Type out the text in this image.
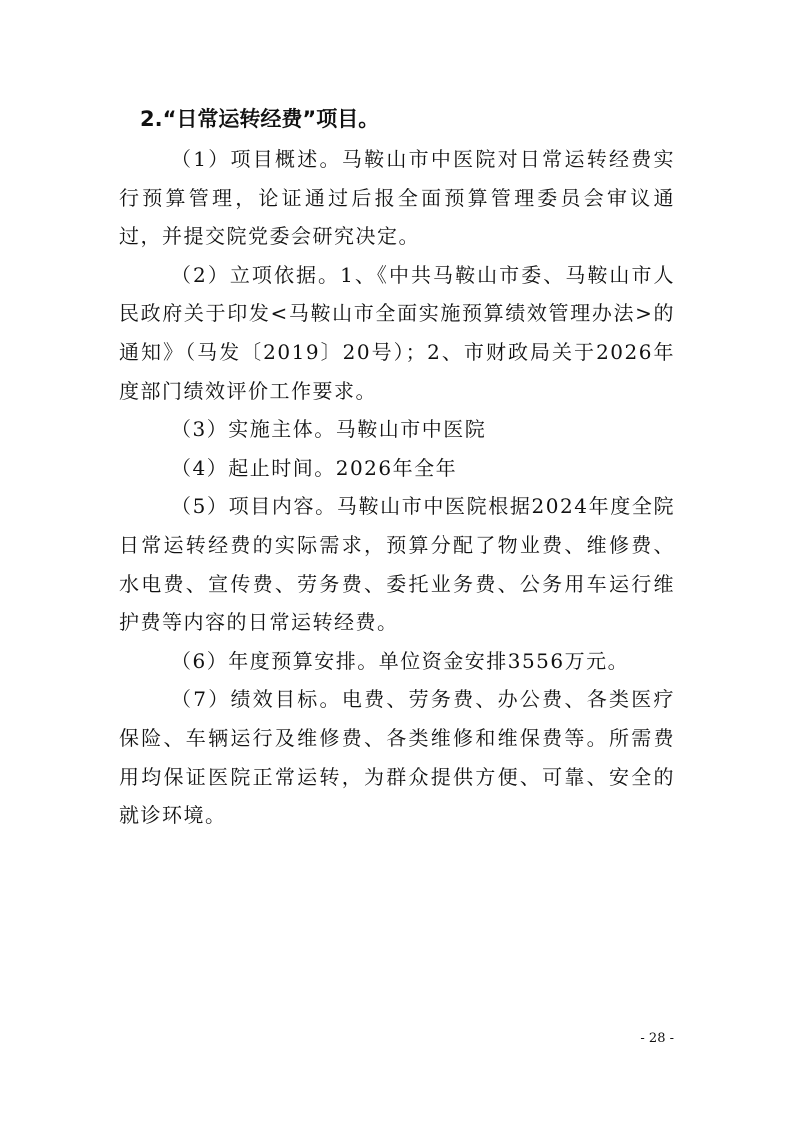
2.“日常运转经费”项目。

（1）项目概述。马鞍山市中医院对日常运转经费实行预算管理，论证通过后报全面预算管理委员会审议通过，并提交院党委会研究决定。

（2）立项依据。1、《中共马鞍山市委、马鞍山市人民政府关于印发<马鞍山市全面实施预算绩效管理办法>的通知》（马发〔2019〕20号）；2、市财政局关于2026年度部门绩效评价工作要求。

（3）实施主体。马鞍山市中医院

（4）起止时间。2026年全年

（5）项目内容。马鞍山市中医院根据2024年度全院日常运转经费的实际需求，预算分配了物业费、维修费、水电费、宣传费、劳务费、委托业务费、公务用车运行维护费等内容的日常运转经费。

（6）年度预算安排。单位资金安排3556万元。

（7）绩效目标。电费、劳务费、办公费、各类医疗保险、车辆运行及维修费、各类维修和维保费等。所需费用均保证医院正常运转，为群众提供方便、可靠、安全的就诊环境。

- 28 -
